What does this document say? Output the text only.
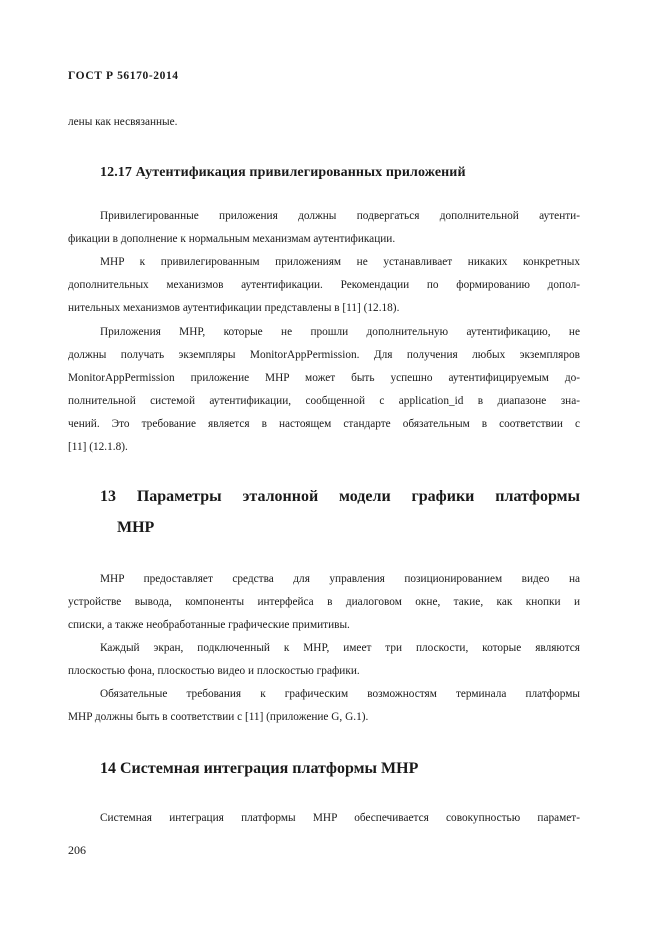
ГОСТ Р 56170-2014
лены как несвязанные.
12.17 Аутентификация привилегированных приложений
Привилегированные приложения должны подвергаться дополнительной аутенти-
фикации в дополнение к нормальным механизмам аутентификации.
MHP к привилегированным приложениям не устанавливает никаких конкретных
дополнительных механизмов аутентификации. Рекомендации по формированию допол-
нительных механизмов аутентификации представлены в [11] (12.18).
Приложения MHP, которые не прошли дополнительную аутентификацию, не
должны получать экземпляры MonitorAppPermission. Для получения любых экземпляров
MonitorAppPermission приложение MHP может быть успешно аутентифицируемым до-
полнительной системой аутентификации, сообщенной с application_id в диапазоне зна-
чений. Это требование является в настоящем стандарте обязательным в соответствии с
[11] (12.1.8).
13 Параметры эталонной модели графики платформы
MHP
MHP предоставляет средства для управления позиционированием видео на
устройстве вывода, компоненты интерфейса в диалоговом окне, такие, как кнопки и
списки, а также необработанные графические примитивы.
Каждый экран, подключенный к MHP, имеет три плоскости, которые являются
плоскостью фона, плоскостью видео и плоскостью графики.
Обязательные требования к графическим возможностям терминала платформы
MHP должны быть в соответствии с [11] (приложение G, G.1).
14 Системная интеграция платформы MHP
Системная интеграция платформы MHP обеспечивается совокупностью парамет-
206
